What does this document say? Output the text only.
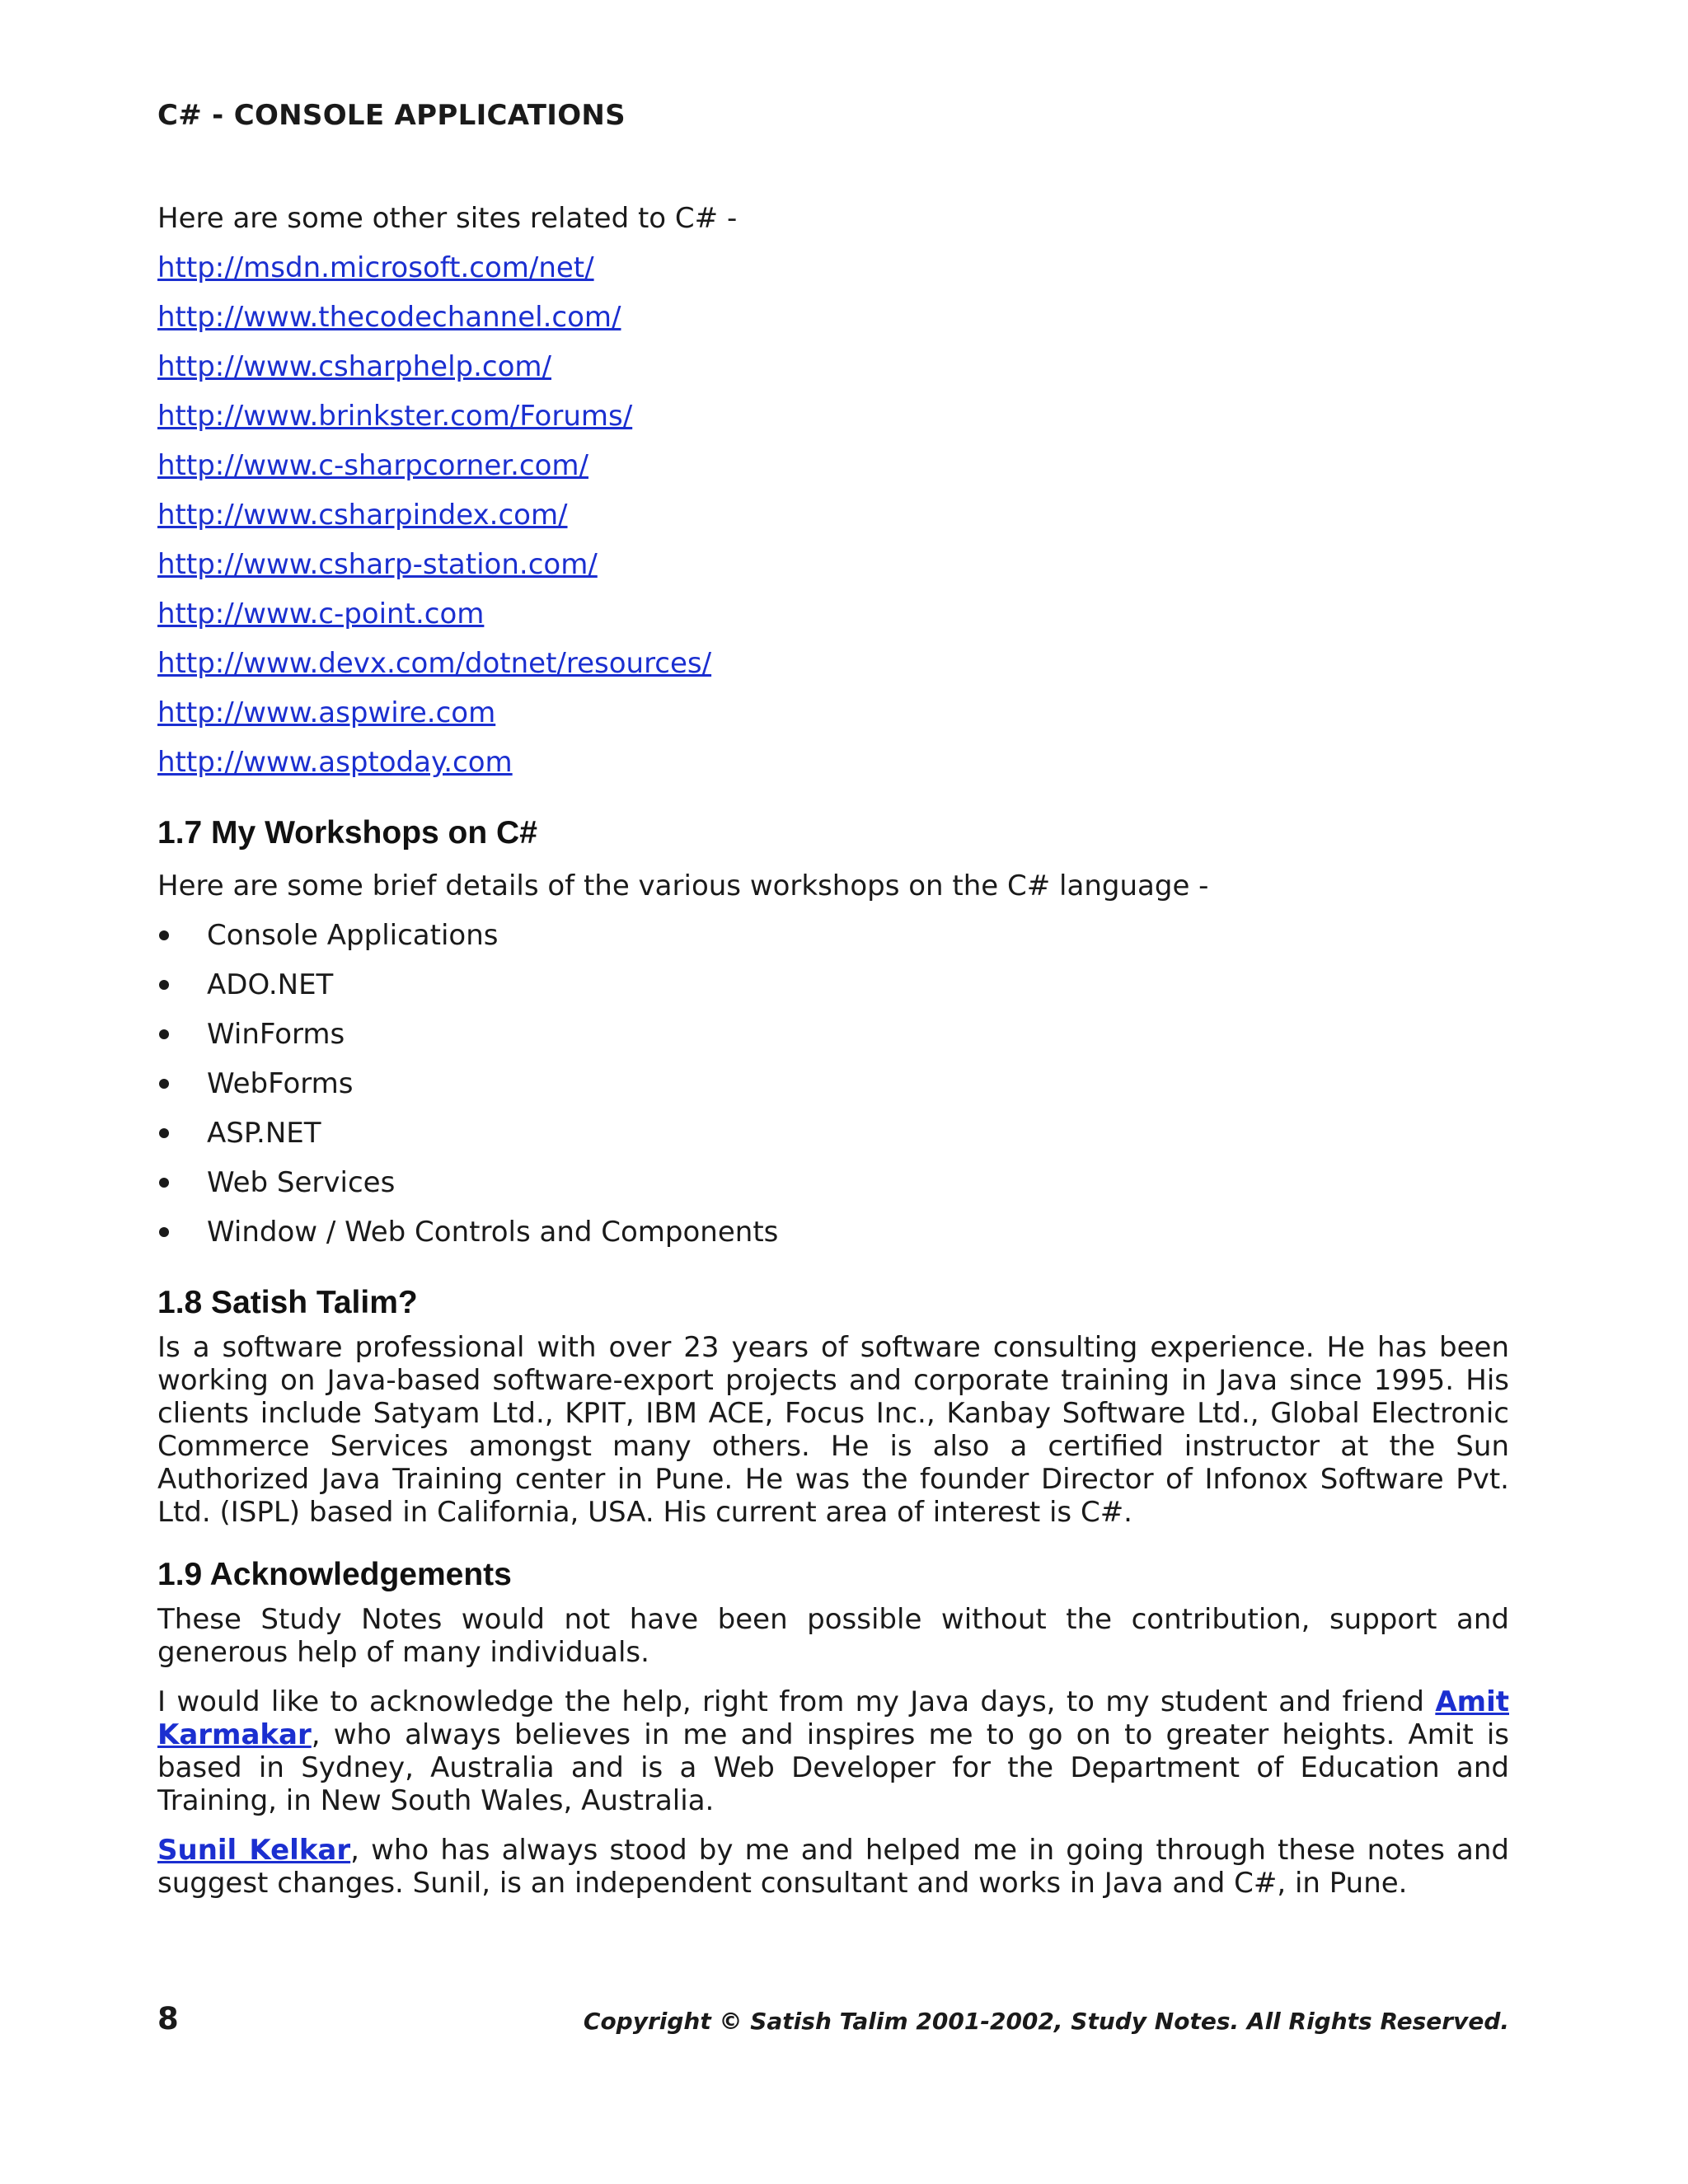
C# - CONSOLE APPLICATIONS

Here are some other sites related to C# -

http://msdn.microsoft.com/net/
http://www.thecodechannel.com/
http://www.csharphelp.com/
http://www.brinkster.com/Forums/
http://www.c-sharpcorner.com/
http://www.csharpindex.com/
http://www.csharp-station.com/
http://www.c-point.com
http://www.devx.com/dotnet/resources/
http://www.aspwire.com
http://www.asptoday.com
1.7 My Workshops on C#

Here are some brief details of the various workshops on the C# language -

Console Applications
ADO.NET
WinForms
WebForms
ASP.NET
Web Services
Window / Web Controls and Components
1.8 Satish Talim?

Is a software professional with over 23 years of software consulting experience. He has been working on Java-based software-export projects and corporate training in Java since 1995. His clients include Satyam Ltd., KPIT, IBM ACE, Focus Inc., Kanbay Software Ltd., Global Electronic Commerce Services amongst many others. He is also a certified instructor at the Sun Authorized Java Training center in Pune. He was the founder Director of Infonox Software Pvt. Ltd. (ISPL) based in California, USA. His current area of interest is C#.

1.9 Acknowledgements

These Study Notes would not have been possible without the contribution, support and generous help of many individuals.

I would like to acknowledge the help, right from my Java days, to my student and friend Amit Karmakar, who always believes in me and inspires me to go on to greater heights. Amit is based in Sydney, Australia and is a Web Developer for the Department of Education and Training, in New South Wales, Australia.

Sunil Kelkar, who has always stood by me and helped me in going through these notes and suggest changes. Sunil, is an independent consultant and works in Java and C#, in Pune.

8	Copyright © Satish Talim 2001-2002, Study Notes. All Rights Reserved.
